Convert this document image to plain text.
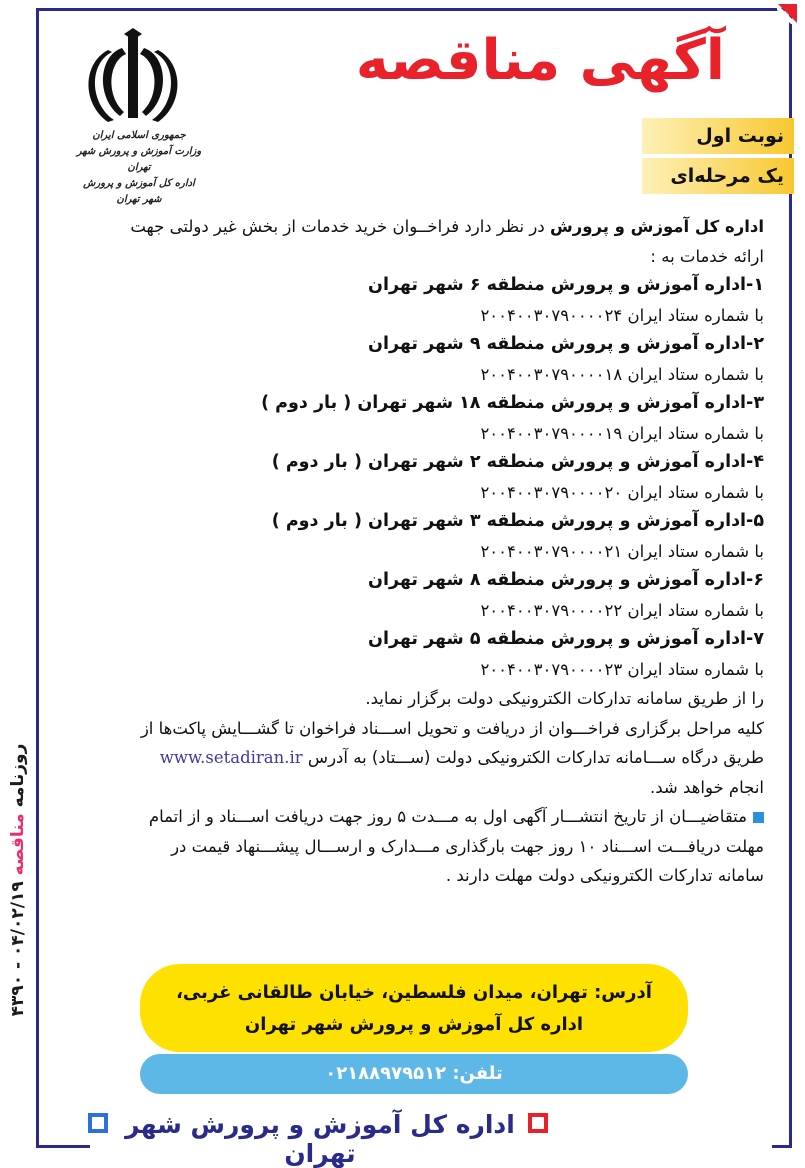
روزنامه مناقصه ۰۴/۰۲/۱۹ - ۴۳۹۰
آگهی مناقصه
جمهوری اسلامی ایران
وزارت آموزش و پرورش شهر تهران
اداره کل آموزش و پرورش شهر تهران
نوبت اول
یک مرحله‌ای

اداره کل آموزش و پرورش در نظر دارد فراخــوان خرید خدمات از بخش غیر دولتی جهت

ارائه خدمات به :

۱-اداره آموزش و پرورش منطقه ۶ شهر تهران

با شماره ستاد ایران ۲۰۰۴۰۰۳۰۷۹۰۰۰۰۲۴

۲-اداره آموزش و پرورش منطقه ۹ شهر تهران

با شماره ستاد ایران ۲۰۰۴۰۰۳۰۷۹۰۰۰۰۱۸

۳-اداره آموزش و پرورش منطقه ۱۸ شهر تهران ( بار دوم )

با شماره ستاد ایران ۲۰۰۴۰۰۳۰۷۹۰۰۰۰۱۹

۴-اداره آموزش و پرورش منطقه ۲ شهر تهران ( بار دوم )

با شماره ستاد ایران ۲۰۰۴۰۰۳۰۷۹۰۰۰۰۲۰

۵-اداره آموزش و پرورش منطقه ۳ شهر تهران ( بار دوم )

با شماره ستاد ایران ۲۰۰۴۰۰۳۰۷۹۰۰۰۰۲۱

۶-اداره آموزش و پرورش منطقه ۸ شهر تهران

با شماره ستاد ایران ۲۰۰۴۰۰۳۰۷۹۰۰۰۰۲۲

۷-اداره آموزش و پرورش منطقه ۵ شهر تهران

با شماره ستاد ایران ۲۰۰۴۰۰۳۰۷۹۰۰۰۰۲۳

را از طریق سامانه تدارکات الکترونیکی دولت برگزار نماید.

کلیه مراحل برگزاری فراخـــوان از دریافت و تحویل اســـناد فراخوان تا گشـــایش پاکت‌ها از

طریق درگاه ســـامانه تدارکات الکترونیکی دولت (ســـتاد) به آدرس www.setadiran.ir

انجام خواهد شد.

متقاضیـــان از تاریخ انتشـــار آگهی اول به مـــدت ۵ روز جهت دریافت اســـناد و از اتمام

مهلت دریافـــت اســـناد ۱۰ روز جهت بارگذاری مـــدارک و ارســـال پیشـــنهاد قیمت در

سامانه تدارکات الکترونیکی دولت مهلت دارند .

آدرس: تهران، میدان فلسطین، خیابان طالقانی غربی،
اداره کل آموزش و پرورش شهر تهران
تلفن: ۰۲۱۸۸۹۷۹۵۱۲
اداره کل آموزش و پرورش شهر تهران
